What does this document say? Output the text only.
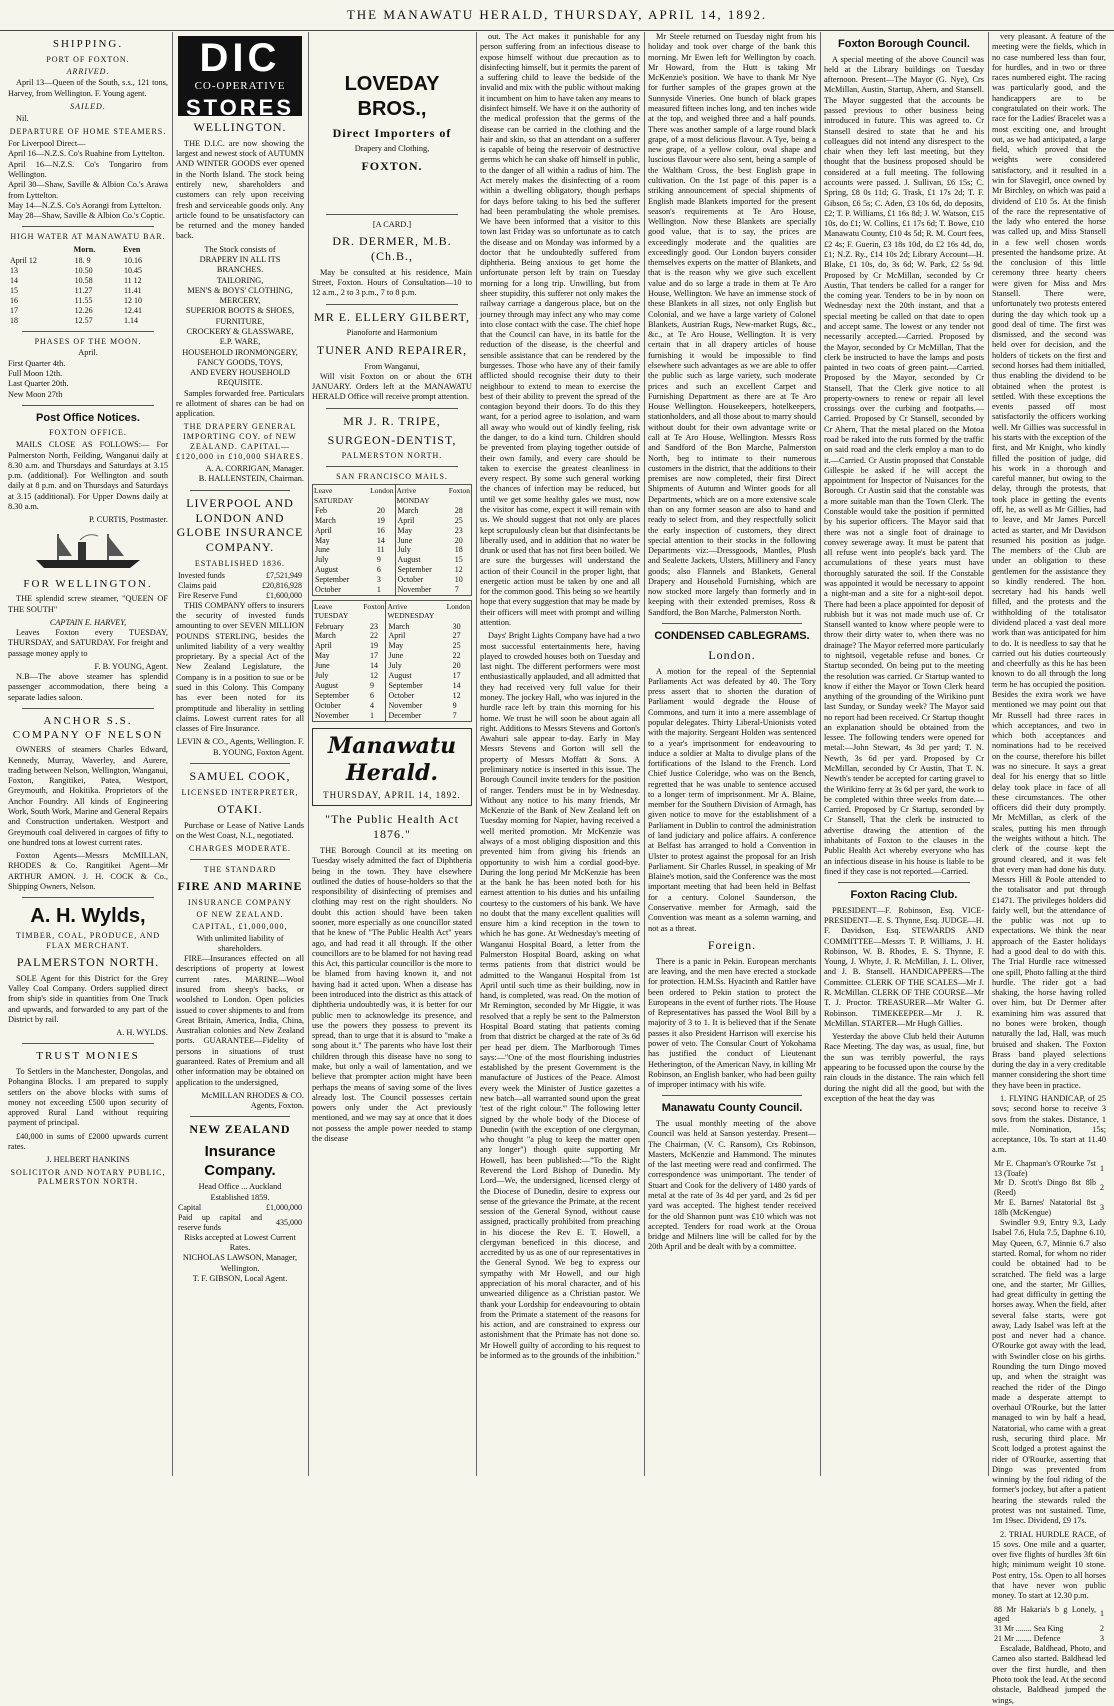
THE MANAWATU HERALD, THURSDAY, APRIL 14, 1892.
SHIPPING.
PORT OF FOXTON.
ARRIVED.

April 13—Queen of the South, s.s., 121 tons, Harvey, from Wellington. F. Young agent.

SAILED.

Nil.

DEPARTURE OF HOME STEAMERS.
For Liverpool Direct—
April 16—N.Z.S. Co's Ruahine from Lyttelton.
April 16—N.Z.S. Co's Tongariro from Wellington.
April 30—Shaw, Saville & Albion Co.'s Arawa from Lyttelton.
May 14—N.Z.S. Co's Aorangi from Lyttelton.
May 28—Shaw, Saville & Albion Co.'s Coptic.
HIGH WATER AT MANAWATU BAR.
	Morn.	Even
April 12	18. 9	10.16
13	10.50	10.45
14	10.58	11 12
15	11.27	11.41
16	11.55	12 10
17	12.26	12.41
18	12.57	1.14
PHASES OF THE MOON.
April.
First Quarter 4th.
Full Moon 12th.
Last Quarter 20th.
New Moon 27th
Post Office Notices.
FOXTON OFFICE.

MAILS CLOSE AS FOLLOWS:— For Palmerston North, Feilding, Wanganui daily at 8.30 a.m. and Thursdays and Saturdays at 3.15 p.m. (additional). For Wellington and south daily at 8 p.m. and on Thursdays and Saturdays at 3.15 (additional). For Upper Downs daily at 8.30 a.m.

P. CURTIS, Postmaster.
FOR WELLINGTON.

THE splendid screw steamer, "QUEEN OF THE SOUTH"

CAPTAIN E. HARVEY,

Leaves Foxton every TUESDAY, THURSDAY, and SATURDAY. For freight and passage money apply to

F. B. YOUNG, Agent.

N.B—The above steamer has splendid passenger accommodation, there being a separate ladies saloon.

ANCHOR S.S. COMPANY OF NELSON

OWNERS of steamers Charles Edward, Kennedy, Murray, Waverley, and Aurere, trading between Nelson, Wellington, Wanganui, Foxton, Rangitikei, Patea, Westport, Greymouth, and Hokitika. Proprietors of the Anchor Foundry. All kinds of Engineering Work, South Work, Marine and General Repairs and Construction undertaken. Westport and Greymouth coal delivered in cargoes of fifty to one hundred tons at lowest current rates.

Foxton Agents—Messrs McMILLAN, RHODES & Co. Rangitikei Agent—Mr ARTHUR AMON. J. H. COCK & Co., Shipping Owners, Nelson.

A. H. Wylds,
TIMBER, COAL, PRODUCE, AND FLAX MERCHANT.
PALMERSTON NORTH.

SOLE Agent for this District for the Grey Valley Coal Company. Orders supplied direct from ship's side in quantities from One Truck and upwards, and forwarded to any part of the District by rail.

A. H. WYLDS.
TRUST MONIES

To Settlers in the Manchester, Dongolas, and Pohangina Blocks. I am prepared to supply settlers on the above blocks with sums of money not exceeding £500 upon security of approved Rural Land without requiring payment of principal.

£40,000 in sums of £2000 upwards current rates.

J. HELBERT HANKINS
SOLICITOR AND NOTARY PUBLIC, PALMERSTON NORTH.
DIC
CO-OPERATIVE
STORES
WELLINGTON.

THE D.I.C. are now showing the largest and newest stock of AUTUMN AND WINTER GOODS ever opened in the North Island. The stock being entirely new, shareholders and customers can rely upon receiving fresh and serviceable goods only. Any article found to be unsatisfactory can be returned and the money handed back.

The Stock consists of
DRAPERY IN ALL ITS BRANCHES.
TAILORING,
MEN'S & BOYS' CLOTHING,
MERCERY,
SUPERIOR BOOTS & SHOES,
FURNITURE,
CROCKERY & GLASSWARE,
E.P. WARE,
HOUSEHOLD IRONMONGERY,
FANCY GOODS, TOYS,
AND EVERY HOUSEHOLD REQUISITE.

Samples forwarded free. Particulars re allotment of shares can be had on application.

THE DRAPERY GENERAL IMPORTING COY. of NEW ZEALAND. CAPITAL—£120,000 in £10,000 SHARES.
A. A. CORRIGAN, Manager.
B. HALLENSTEIN, Chairman.
LIVERPOOL AND LONDON AND GLOBE INSURANCE COMPANY.
ESTABLISHED 1836.
Invested funds	£7,521,949
Claims paid	£20,816,928
Fire Reserve Fund	£1,600,000

THIS COMPANY offers to insurers the security of invested funds amounting to over SEVEN MILLION POUNDS STERLING, besides the unlimited liability of a very wealthy proprietary. By a special Act of the New Zealand Legislature, the Company is in a position to sue or be sued in this Colony. This Company has ever been noted for its promptitude and liberality in settling claims. Lowest current rates for all classes of Fire Insurance.

LEVIN & CO., Agents, Wellington. F. B. YOUNG, Foxton Agent.
SAMUEL COOK,
LICENSED INTERPRETER,
OTAKI.

Purchase or Lease of Native Lands on the West Coast, N.I., negotiated.

CHARGES MODERATE.
THE STANDARD
FIRE AND MARINE
INSURANCE COMPANY
OF NEW ZEALAND.
CAPITAL, £1,000,000,
With unlimited liability of shareholders.

FIRE—Insurances effected on all descriptions of property at lowest current rates. MARINE—Wool insured from sheep's backs, or woolshed to London. Open policies issued to cover shipments to and from Great Britain, America, India, China, Australian colonies and New Zealand ports. GUARANTEE—Fidelity of persons in situations of trust guaranteed. Rates of Premium and all other information may be obtained on application to the undersigned,

McMILLAN RHODES & CO. Agents, Foxton.
NEW ZEALAND
Insurance Company.
Head Office ... Auckland
Established 1859.
Capital	£1,000,000
Paid up capital and reserve funds	435,000
Risks accepted at Lowest Current Rates.
NICHOLAS LAWSON, Manager, Wellington.
T. F. GIBSON, Local Agent.
LOVEDAY BROS.,
Direct Importers of
Drapery and Clothing,
FOXTON.
[A CARD.]
DR. DERMER, M.B. (Ch.B.,

May be consulted at his residence, Main Street, Foxton. Hours of Consultation—10 to 12 a.m., 2 to 3 p.m., 7 to 8 p.m.

MR E. ELLERY GILBERT,
Pianoforte and Harmonium
TUNER AND REPAIRER,
From Wanganui,

Will visit Foxton on or about the 6TH JANUARY. Orders left at the MANAWATU HERALD Office will receive prompt attention.

MR J. R. TRIPE,
SURGEON-DENTIST,
PALMERSTON NORTH.
SAN FRANCISCO MAILS.
Leave London SATURDAY		Arrive Foxton MONDAY	
Feb	20	March	28
March	19	April	25
April	16	May	23
May	14	June	20
June	11	July	18
July	9	August	15
August	6	September	12
September	3	October	10
October	1	November	7
Leave Foxton TUESDAY		Arrive London WEDNESDAY	
February	23	March	30
March	22	April	27
April	19	May	25
May	17	June	22
June	14	July	20
July	12	August	17
August	9	September	14
September	6	October	12
October	4	November	9
November	1	December	7
Manawatu Herald.
THURSDAY, APRIL 14, 1892.
"The Public Health Act 1876."

THE Borough Council at its meeting on Tuesday wisely admitted the fact of Diphtheria being in the town. They have elsewhere outlined the duties of house-holders so that the responsibility of disinfecting of premises and clothing may rest on the right shoulders. No doubt this action should have been taken sooner, more especially as one councillor stated that he knew of "The Public Health Act" years ago, and had read it all through. If the other councillors are to be blamed for not having read this Act, this particular councillor is the more to be blamed from having known it, and not having had it acted upon. When a disease has been introduced into the district as this attack of diphtheria undoubtedly was, it is better for our public men to acknowledge its presence, and use the powers they possess to prevent its spread, than to urge that it is absurd to "make a song about it." The parents who have lost their children through this disease have no song to make, but only a wail of lamentation, and we believe that prompter action might have been perhaps the means of saving some of the lives already lost. The Council possesses certain powers only under the Act previously mentioned, and we may say at once that it does not possess the ample power needed to stamp the disease

out. The Act makes it punishable for any person suffering from an infectious disease to expose himself without due precaution as to disinfecting himself, but it permits the parent of a suffering child to leave the bedside of the invalid and mix with the public without making it incumbent on him to have taken any means to disinfect himself. We have it on the authority of the medical profession that the germs of the disease can be carried in the clothing and the hair and skin, so that an attendant on a sufferer is capable of being the reservoir of destructive germs which he can shake off himself in public, to the danger of all within a radius of him. The Act merely makes the disinfecting of a room within a dwelling obligatory, though perhaps for days before taking to his bed the sufferer had been perambulating the whole premises. We have been informed that a visitor to this town last Friday was so unfortunate as to catch the disease and on Monday was informed by a doctor that he undoubtedly suffered from diphtheria. Being anxious to get home the unfortunate person left by train on Tuesday morning for a long trip. Unwilling, but from sheer stupidity, this sufferer not only makes the railway carriage a dangerous place, but on the journey through may infect any who may come into close contact with the case. The chief hope that the Council can have, in its battle for the reduction of the disease, is the cheerful and sensible assistance that can be rendered by the burgesses. Those who have any of their family afflicted should recognise their duty to their neighbour to extend to mean to exercise the best of their ability to prevent the spread of the contagion beyond their doors. To do this they want, for a period agree to isolation, and warn all away who would out of kindly feeling, risk the danger, to do a kind turn. Children should be prevented from playing together outside of their own family, and every care should be taken to exercise the greatest cleanliness in every respect. By some such general working the chances of infection may be reduced, but until we get some healthy gales we must, now the visitor has come, expect it will remain with us. We should suggest that not only are places kept scrupulously clean but that disinfectants be liberally used, and in addition that no water be drunk or used that has not first been boiled. We are sure the burgesses will understand the action of their Council in the proper light, that energetic action must be taken by one and all for the common good. This being so we heartily hope that every suggestion that may be made by their officers will meet with prompt and willing attention.

Days' Bright Lights Company have had a two most successful entertainments here, having played to crowded houses both on Tuesday and last night. The different performers were most enthusiastically applauded, and all admitted that they had received very full value for their money. The jockey Hall, who was injured in the hurdle race left by train this morning for his home. We trust he will soon be about again all right. Additions to Messrs Stevens and Gorton's Awahuri sale appear to-day. Early in May Messrs Stevens and Gorton will sell the property of Messrs Moffatt & Sons. A preliminary notice is inserted in this issue. The Borough Council invite tenders for the position of ranger. Tenders must be in by Wednesday. Without any notice to his many friends, Mr McKenzie of the Bank of New Zealand left on Tuesday morning for Napier, having received a well merited promotion. Mr McKenzie was always of a most obliging disposition and this prevented him from giving his friends an opportunity to wish him a cordial good-bye. During the long period Mr McKenzie has been at the bank he has been noted both for his earnest attention to his duties and his unfailing courtesy to the customers of his bank. We have no doubt that the many excellent qualities will ensure him a kind reception in the town to which he has gone. At Wednesday's meeting of Wanganui Hospital Board, a letter from the Palmerston Hospital Board, asking on what terms patients from that district would be admitted to the Wanganui Hospital from 1st April until such time as their building, now in hand, is completed, was read. On the motion of Mr Remington, seconded by Mr Higgie, it was resolved that a reply be sent to the Palmerston Hospital Board stating that patients coming from that district be charged at the rate of 3s 6d per head per diem. The Marlborough Times says:—"One of the most flourishing industries established by the present Government is the manufacture of Justices of the Peace. Almost every week the Minister of Justice gazettes a new batch—all warranted sound upon the great 'test of the right colour.'" The following letter signed by the whole body of the Diocese of Dunedin (with the exception of one clergyman, who thought "a plug to keep the matter open any longer") though quite supporting Mr Howell, has been published:—"To the Right Reverend the Lord Bishop of Dunedin. My Lord—We, the undersigned, licensed clergy of the Diocese of Dunedin, desire to express our sense of the grievance the Primate, at the recent session of the General Synod, without cause assigned, practically prohibited from preaching in his diocese the Rev E. T. Howell, a clergyman beneficed in this diocese, and accredited by us as one of our representatives in the General Synod. We beg to express our sympathy with Mr Howell, and our high appreciation of his moral character, and of his unwearied diligence as a Christian pastor. We thank your Lordship for endeavouring to obtain from the Primate a statement of the reasons for his action, and are constrained to express our astonishment that the Primate has not done so. Mr Howell guilty of according to his request to be informed as to the grounds of the inhibition."

Mr Steele returned on Tuesday night from his holiday and took over charge of the bank this morning. Mr Ewen left for Wellington by coach. Mr Howard, from the Hutt is taking Mr McKenzie's position. We have to thank Mr Nye for further samples of the grapes grown at the Sunnyside Vineries. One bunch of black grapes measured fifteen inches long, and ten inches wide at the top, and weighed three and a half pounds. There was another sample of a large round black grape, of a most delicious flavour. A Tye, being a new grape, of a yellow colour, oval shape and luscious flavour were also sent, being a sample of the Waltham Cross, the best English grape in cultivation. On the 1st page of this paper is a striking announcement of special shipments of English made Blankets imported for the present season's requirements at Te Aro House, Wellington. Now these Blankets are specially good value, that is to say, the prices are exceedingly moderate and the qualities are exceedingly good. Our London buyers consider themselves experts on the matter of Blankets, and that is the reason why we give such excellent value and do so large a trade in them at Te Aro House, Wellington. We have an immense stock of these Blankets in all sizes, not only English but Colonial, and we have a large variety of Colonel Blankets, Austrian Rugs, New-market Rugs, &c., &c., at Te Aro House, Wellington. It is very certain that in all drapery articles of house furnishing it would be impossible to find elsewhere such advantages as we are able to offer the public such as large variety, such moderate prices and such an excellent Carpet and Furnishing Department as there are at Te Aro House Wellington. Housekeepers, hotelkeepers, stationholders, and all those about to marry should without doubt for their own advantage write or call at Te Aro House, Wellington. Messrs Ross and Sandford of the Bon Marche, Palmerston North, beg to intimate to their numerous customers in the district, that the additions to their premises are now completed, their first Direct Shipments of Autumn and Winter goods for all Departments, which are on a more extensive scale than on any former season are also to hand and ready to select from, and they respectfully solicit the early inspection of customers, they direct special attention to their stocks in the following Departments viz:—Dressgoods, Mantles, Plush and Sealette Jackets, Ulsters, Millinery and Fancy goods; also Flannels and Blankets, General Drapery and Household Furnishing, which are now stocked more largely than formerly and in keeping with their extended premises, Ross & Sandford, the Bon Marche, Palmerston North.

CONDENSED CABLEGRAMS.
London.

A motion for the repeal of the Septennial Parliaments Act was defeated by 40. The Tory press assert that to shorten the duration of Parliament would degrade the House of Commons, and turn it into a mere assemblage of popular delegates. Thirty Liberal-Unionists voted with the majority. Sergeant Holden was sentenced to a year's imprisonment for endeavouring to induce a soldier at Malta to divulge plans of the fortifications of the Island to the French. Lord Chief Justice Coleridge, who was on the Bench, regretted that he was unable to sentence accused to a longer term of imprisonment. Mr A. Blaine, member for the Southern Division of Armagh, has given notice to move for the establishment of a Parliament in Dublin to control the administration of land judiciary and police affairs. A conference at Belfast has arranged to hold a Convention in Ulster to protest against the proposal for an Irish Parliament. Sir Charles Russel, in speaking of Mr Blaine's motion, said the Conference was the most important meeting that had been held in Belfast for a century. Colonel Saunderson, the Conservative member for Armagh, said the Convention was meant as a solemn warning, and not as a threat.

Foreign.

There is a panic in Pekin. European merchants are leaving, and the men have erected a stockade for protection. H.M.Ss. Hyacinth and Rattler have been ordered to Pekin station to protect the Europeans in the event of further riots. The House of Representatives has passed the Wool Bill by a majority of 3 to 1. It is believed that if the Senate passes it also President Harrison will exercise his power of veto. The Consular Court of Yokohama has justified the conduct of Lieutenant Hetherington, of the American Navy, in killing Mr Robinson, an English banker, who had been guilty of improper intimacy with his wife.

Manawatu County Council.

The usual monthly meeting of the above Council was held at Sanson yesterday. Present—The Chairman, (V. C. Ransom), Crs Robinson, Masters, McKenzie and Hammond. The minutes of the last meeting were read and confirmed. The correspondence was unimportant. The tender of Stuart and Cook for the delivery of 1480 yards of metal at the rate of 3s 4d per yard, and 2s 6d per yard was accepted. The highest tender received for the old Shannon punt was £10 which was not accepted. Tenders for road work at the Oroua bridge and Milners line will be called for by the 20th April and be dealt with by a committee.

Foxton Borough Council.

A special meeting of the above Council was held at the Library buildings on Tuesday afternoon. Present—The Mayor (G. Nye), Crs McMillan, Austin, Startup, Ahern, and Stansell. The Mayor suggested that the accounts be passed previous to other business being introduced in future. This was agreed to. Cr Stansell desired to state that he and his colleagues did not intend any disrespect to the chair when they left last meeting, but they thought that the business proposed should be considered at a full meeting. The following accounts were passed. J. Sullivan, £6 15s; C. Spring, £8 0s 11d; G. Trask, £1 17s 2d; T. F. Gibson, £6 5s; C. Aden, £3 10s 6d, do deposits, £2; T. P. Williams, £1 16s 8d; J. W. Watson, £15 10s, do £1; W. Collins, £1 17s 6d; T. Bowe, £10 Manawatu County, £10 4s 5d; R. M. Court fees, £2 4s; F. Guerin, £3 18s 10d, do £2 16s 4d, do, £1; N.Z. Ry., £14 10s 2d; Library Account—H. Blake, £1 10s, do, 3s 6d; W. Park, £2 5s 9d. Proposed by Cr McMillan, seconded by Cr Austin, That tenders be called for a ranger for the coming year. Tenders to be in by noon on Wednesday next the 20th instant, and that a special meeting be called on that date to open and accept same. The lowest or any tender not necessarily accepted.—Carried. Proposed by the Mayor, seconded by Cr McMillan, That the clerk be instructed to have the lamps and posts painted in two coats of green paint.—Carried. Proposed by the Mayor, seconded by Cr Stansell, That the Clerk give notice to all property-owners to renew or repair all level crossings over the curbing and footpaths.—Carried. Proposed by Cr Stansell, seconded by Cr Ahern, That the metal placed on the Motoa road be raked into the ruts formed by the traffic on said road and the clerk employ a man to do it.—Carried. Cr Austin proposed that Constable Gillespie be asked if he will accept the appointment for Inspector of Nuisances for the Borough. Cr Austin said that the constable was a more suitable man than the Town Clerk. The Constable would take the position if permitted by his superior officers. The Mayor said that there was not a single foot of drainage to convey sewerage away. It must be patent that all refuse went into people's back yard. The accumulations of these years must have thoroughly saturated the soil. If the Constable was appointed it would be necessary to appoint a night-man and a site for a night-soil depot. There had been a place appointed for deposit of rubbish but it was not made much use of. Cr Stansell wanted to know where people were to throw their dirty water to, when there was no drainage? The Mayor referred more particularly to nightsoil, vegetable refuse and bones. Cr Startup seconded. On being put to the meeting the resolution was carried. Cr Startup wanted to know if either the Mayor or Town Clerk heard anything of the grounding of the Wirikino punt last Sunday, or Sunday week? The Mayor said no report had been received. Cr Startup thought an explanation should be obtained from the lessee. The following tenders were opened for metal:—John Stewart, 4s 3d per yard; T. N. Newth, 3s 6d per yard. Proposed by Cr McMillan, seconded by Cr Austin, That T. N. Newth's tender be accepted for carting gravel to the Wirikino ferry at 3s 6d per yard, the work to be completed within three weeks from date.—Carried. Proposed by Cr Startup, seconded by Cr Stansell, That the clerk be instructed to advertise drawing the attention of the inhabitants of Foxton to the clauses in the Public Health Act whereby everyone who has an infectious disease in his house is liable to be fined if they case is not reported.—Carried.

Foxton Racing Club.

PRESIDENT—F. Robinson, Esq. VICE-PRESIDENT—E. S. Thynne, Esq. JUDGE—H. F. Davidson, Esq. STEWARDS AND COMMITTEE—Messrs T. P. Williams, J. H. Robinson, W. B. Rhodes, E. S. Thynne, F. Young, J. Whyte, J. R. McMillan, J. L. Oliver, and J. B. Stansell. HANDICAPPERS—The Committee. CLERK OF THE SCALES—Mr J. R. McMillan. CLERK OF THE COURSE—Mr T. J. Proctor. TREASURER—Mr Walter G. Robinson. TIMEKEEPER—Mr J. R. McMillan. STARTER—Mr Hugh Gillies.

Yesterday the above Club held their Autumn Race Meeting. The day was, as usual, fine, but the sun was terribly powerful, the rays appearing to be focussed upon the course by the rain clouds in the distance. The rain which fell during the night did all the good, but with the exception of the heat the day was

very pleasant. A feature of the meeting were the fields, which in no case numbered less than four, for hurdles, and in two or three races numbered eight. The racing was particularly good, and the handicappers are to be congratulated on their work. The race for the Ladies' Bracelet was a most exciting one, and brought out, as we had anticipated, a large field, which proved that the weights were considered satisfactory, and it resulted in a win for Slavegirl, once owned by Mr Birchley, on which was paid a dividend of £10 5s. At the finish of the race the representative of the lady who entered the horse was called up, and Miss Stansell in a few well chosen words presented the handsome prize. At the conclusion of this little ceremony three hearty cheers were given for Miss and Mrs Stansell. There were, unfortunately two protests entered during the day which took up a good deal of time. The first was dismissed, and the second was held over for decision, and the holders of tickets on the first and second horses had them initialled, thus enabling the dividend to be obtained when the protest is settled. With these exceptions the events passed off most satisfactorily the officers working well. Mr Gillies was successful in his starts with the exception of the first, and Mr Knight, who kindly filled the position of judge, did his work in a thorough and careful manner, but owing to the delay, through the protests, that took place in getting the events off, he, as well as Mr Gillies, had to leave, and Mr James Purcell acted as starter, and Mr Davidson resumed his position as judge. The members of the Club are under an obligation to these gentlemen for the assistance they so kindly rendered. The hon. secretary had his hands well filled, and the protests and the withholding of the totalisator dividend placed a vast deal more work than was anticipated for him to do. It is needless to say that he carried out his duties courteously and cheerfully as this he has been known to do all through the long term he has occupied the position. Besides the extra work we have mentioned we may point out that Mr Russell had three races in which acceptances, and two in which both acceptances and nominations had to be received on the course, therefore his billet was no sinecure. It says a great deal for his energy that so little delay took place in face of all these circumstances. The other officers did their duty promptly. Mr McMillan, as clerk of the scales, putting his men through the weights without a hitch. The clerk of the course kept the ground cleared, and it was felt that every man had done his duty. Messrs Hill & Poole attended to the totalisator and put through £1471. The privileges holders did fairly well, but the attendance of the public was not up to expectations. We think the near approach of the Easter holidays had a good deal to do with this. The Trial Hurdle race witnessed one spill, Photo falling at the third hurdle. The rider got a bad shaking, the horse having rolled over him, but Dr Dermer after examining him was assured that no bones were broken, though naturally the lad, Hall, was much bruised and shaken. The Foxton Brass band played selections during the day in a very creditable manner considering the short time they have been in practice.

1. FLYING HANDICAP, of 25 sovs; second horse to receive 3 sovs from the stakes. Distance, 1 mile. Nomination, 15s; acceptance, 10s. To start at 11.40 a.m.

Mr E. Chapman's O'Rourke 7st 13 (Toafe)	1
Mr D. Scott's Dingo 8st 8lb (Reed)	2
Mr E. Barnes' Natatorial 8st 18lb (McKengue)	3

Swindler 9.9, Entry 9.3, Lady Isabel 7.6, Hula 7.5, Daphne 6.10, May Queen, 6.7, Minnie 6.7 also started. Romal, for whom no rider could be obtained had to be scratched. The field was a large one, and the starter, Mr Gillies, had great difficulty in getting the horses away. When the field, after several false starts, were got away, Lady Isabel was left at the post and never had a chance. O'Rourke got away with the lead, with Swindler close on his girths. Rounding the turn Dingo moved up, and when the straight was reached the rider of the Dingo made a desperate attempt to overhaul O'Rourke, but the latter managed to win by half a head, Natatorial, who came with a great rush, securing third place. Mr Scott lodged a protest against the rider of O'Rourke, asserting that Dingo was prevented from winning by the foul riding of the former's jockey, but after a patient hearing the stewards ruled the protest was not sustained. Time, 1m 19sec. Dividend, £9 17s.

2. TRIAL HURDLE RACE, of 15 sovs. One mile and a quarter, over five flights of hurdles 3ft 6in high; minimum weight 10 stone. Post entry, 15s. Open to all horses that have never won public money. To start at 12.30 p.m.

88 Mr Hakaria's b g Lonely, aged	1
31 Mr ........ Sea King	2
21 Mr ........ Defence	3

Escalade, Baldhead, Photo, and Cameo also started. Baldhead led over the first hurdle, and then Photo took the lead. At the second obstacle, Baldhead jumped the wings,
